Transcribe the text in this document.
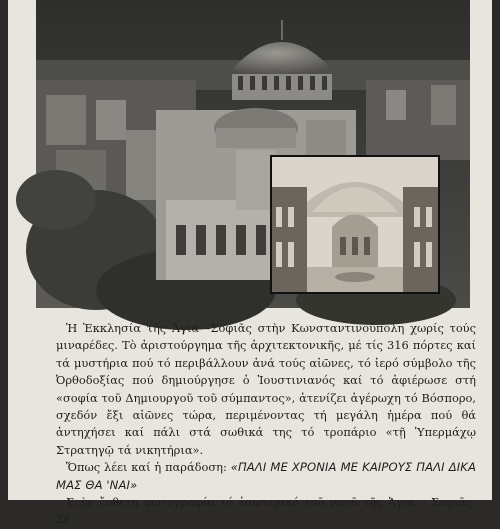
Ἡ Ἐκκλησία τῆς Ἁγια –Σοφιᾶς στὴν Κωνσταντινούπολη χωρίς τούς μιναρέδες. Τὸ ἀριστούργημα τῆς ἀρχιτεκτονικῆς, μέ τίς 316 πόρτες καί τά μυστήρια πού τό περιβάλλουν ἀνά τούς αἰῶνες, τό ἱερό σύμβολο τῆς Ὀρθοδοξίας πού δημιούργησε ὁ Ἰουστινιανός καί τό ἀφιέρωσε στή «σοφία τοῦ Δημιουργοῦ τοῦ σύμπαντος», ἀτενίζει ἀγέρωχη τό Βόσπορο, σχεδόν ἔξι αἰῶνες τώρα, περιμένοντας τή μεγάλη ἡμέρα πού θά ἀντηχήσει καί πάλι στά σωθικά της τό τροπάριο «τῇ Ὑπερμάχῳ Στρατηγῷ τά νικητήρια».

Ὅπως λέει καί ἡ παράδοση: «ΠΑΛΙ ΜΕ ΧΡΟΝΙΑ ΜΕ ΚΑΙΡΟΥΣ ΠΑΛΙ ΔΙΚΑ ΜΑΣ ΘΑ 'ΝΑΙ»

Στὴν ἔνθετη φωτογραφία τό ἐσωτερικό τοῦ ναοῦ τῆς Ἁγια – Σοφιᾶς. Σέ
